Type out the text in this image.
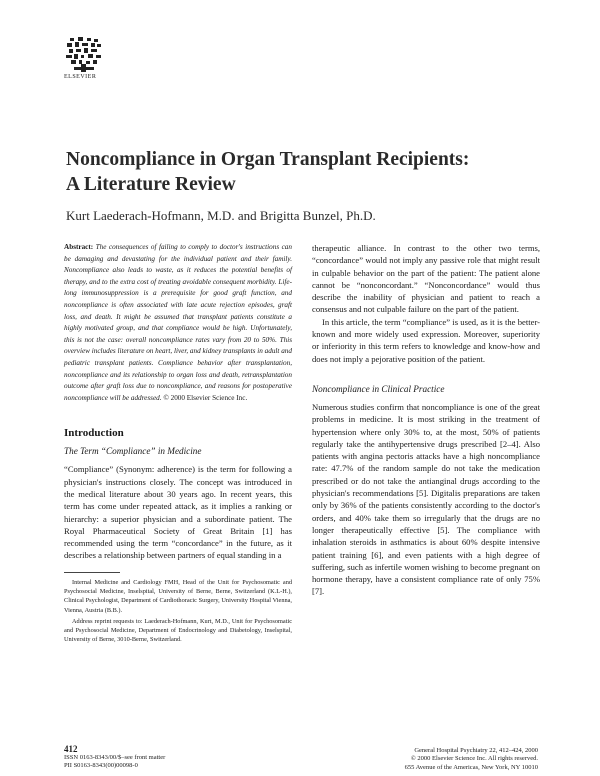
ELSEVIER
Noncompliance in Organ Transplant Recipients:
A Literature Review
Kurt Laederach-Hofmann, M.D. and Brigitta Bunzel, Ph.D.

Abstract: The consequences of failing to comply to doctor's instructions can be damaging and devastating for the individual patient and their family. Noncompliance also leads to waste, as it reduces the potential benefits of therapy, and to the extra cost of treating avoidable consequent morbidity. Life-long immunosuppression is a prerequisite for good graft function, and noncompliance is often associated with late acute rejection episodes, graft loss, and death. It might be assumed that transplant patients constitute a highly motivated group, and that compliance would be high. Unfortunately, this is not the case: overall noncompliance rates vary from 20 to 50%. This overview includes literature on heart, liver, and kidney transplants in adult and pediatric transplant patients. Compliance behavior after transplantation, noncompliance and its relationship to organ loss and death, retransplantation outcome after graft loss due to noncompliance, and reasons for postoperative noncompliance will be addressed. © 2000 Elsevier Science Inc.

Introduction
The Term “Compliance” in Medicine

“Compliance” (Synonym: adherence) is the term for following a physician's instructions closely. The concept was introduced in the medical literature about 30 years ago. In recent years, this term has come under repeated attack, as it implies a ranking or hierarchy: a superior physician and a subordinate patient. The Royal Pharmaceutical Society of Great Britain [1] has recommended using the term “concordance” in the future, as it describes a relationship between partners of equal standing in a

Internal Medicine and Cardiology FMH, Head of the Unit for Psychosomatic and Psychosocial Medicine, Inselspital, University of Berne, Berne, Switzerland (K.L-H.), Clinical Psychologist, Department of Cardiothoracic Surgery, University Hospital Vienna, Vienna, Austria (B.B.).

Address reprint requests to: Laederach-Hofmann, Kurt, M.D., Unit for Psychosomatic and Psychosocial Medicine, Department of Endocrinology and Diabetology, Inselspital, University of Berne, 3010-Berne, Switzerland.

therapeutic alliance. In contrast to the other two terms, “concordance” would not imply any passive role that might result in culpable behavior on the part of the patient: The patient alone cannot be “nonconcordant.” “Nonconcordance” would thus describe the inability of physician and patient to reach a consensus and not culpable failure on the part of the patient.

In this article, the term “compliance” is used, as it is the better-known and more widely used expression. Moreover, superiority or inferiority in this term refers to knowledge and know-how and does not imply a pejorative position of the patient.

Noncompliance in Clinical Practice

Numerous studies confirm that noncompliance is one of the great problems in medicine. It is most striking in the treatment of hypertension where only 30% to, at the most, 50% of patients regularly take the antihypertensive drugs prescribed [2–4]. Also patients with angina pectoris attacks have a high noncompliance rate: 47.7% of the random sample do not take the medication prescribed or do not take the antianginal drugs according to the physician's recommendations [5]. Digitalis preparations are taken only by 36% of the patients consistently according to the doctor's orders, and 40% take them so irregularly that the drugs are no longer therapeutically effective [5]. The compliance with inhalation steroids in asthmatics is about 60% despite intensive patient training [6], and even patients with a high degree of suffering, such as infertile women wishing to become pregnant on hormone therapy, have a consistent compliance rate of only 75% [7].

412
ISSN 0163-8343/00/$–see front matter
PII S0163-8343(00)00098-0
General Hospital Psychiatry 22, 412–424, 2000
© 2000 Elsevier Science Inc. All rights reserved.
655 Avenue of the Americas, New York, NY 10010
